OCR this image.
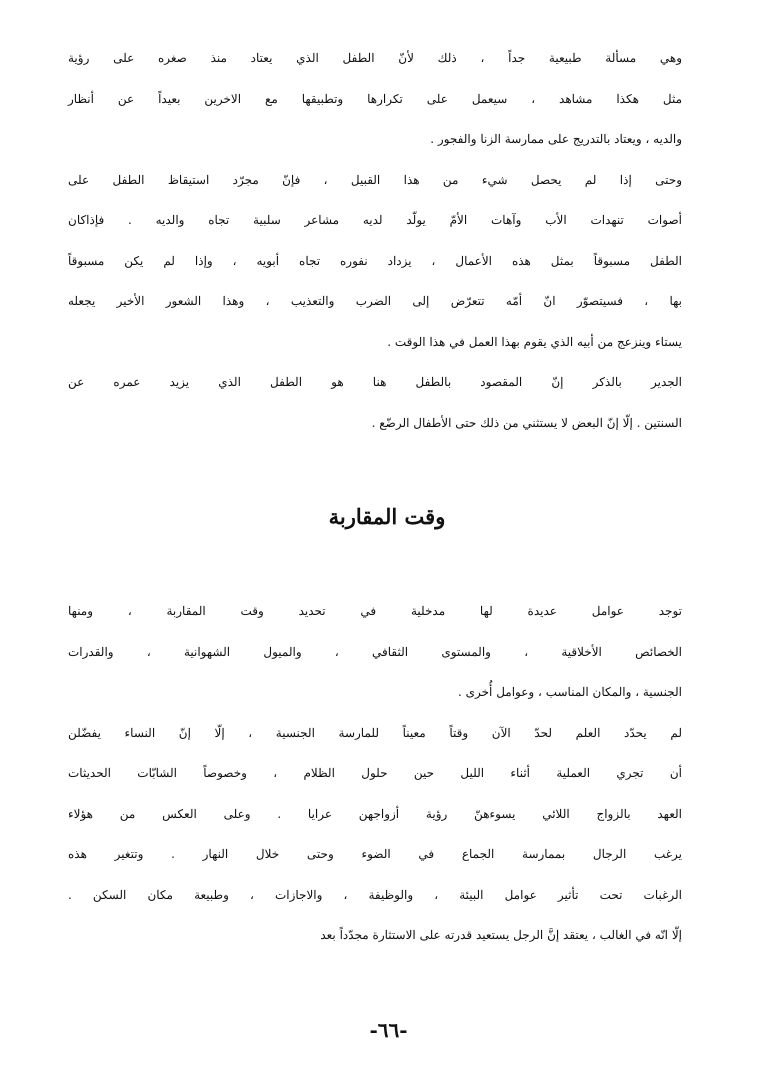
وهي مسألة طبيعية جداً ، ذلك لأنّ الطفل الذي يعتاد منذ صغره على رؤية
مثل هكذا مشاهد ، سيعمل على تكرارها وتطبيقها مع الاخرين بعيداً عن أنظار
والديه ، ويعتاد بالتدريج على ممارسة الزنا والفجور .

وحتى إذا لم يحصل شيء من هذا القبيل ، فإنّ مجرّد استيقاظ الطفل على
أصوات تنهدات الأب وآهات الأمّ يولّد لديه مشاعر سلبية تجاه والديه . فإذاكان
الطفل مسبوقاً بمثل هذه الأعمال ، يزداد نفوره تجاه أبويه ، وإذا لم يكن مسبوقاً
بها ، فسيتصوّر انّ أمّه تتعرّض إلى الضرب والتعذيب ، وهذا الشعور الأخير يجعله
يستاء وينزعج من أبيه الذي يقوم بهذا العمل في هذا الوقت .

الجدير بالذكر إنّ المقصود بالطفل هنا هو الطفل الذي يزيد عمره عن
السنتين . إلّا إنّ البعض لا يستثني من ذلك حتى الأطفال الرضّع .

وقت المقاربة

توجد عوامل عديدة لها مدخلية في تحديد وقت المقاربة ، ومنها
الخصائص الأخلاقية ، والمستوى الثقافي ، والميول الشهوانية ، والقدرات
الجنسية ، والمكان المناسب ، وعوامل أُخرى .

لم يحدّد العلم لحدّ الآن وقتاً معيناً للمارسة الجنسية ، إلّا إنّ النساء يفضّلن
أن تجري العملية أثناء الليل حين حلول الظلام ، وخصوصاً الشابّات الحديثات
العهد بالزواج اللائي يسوءهنّ رؤية أزواجهن عرايا . وعلى العكس من هؤلاء
يرغب الرجال بممارسة الجماع في الضوء وحتى خلال النهار . وتتغير هذه
الرغبات تحت تأثير عوامل البيئة ، والوظيفة ، والاجازات ، وطبيعة مكان السكن .
إلّا انّه في الغالب ، يعتقد إنَّ الرجل يستعيد قدرته على الاستثارة مجدّداً بعد

-٦٦-
